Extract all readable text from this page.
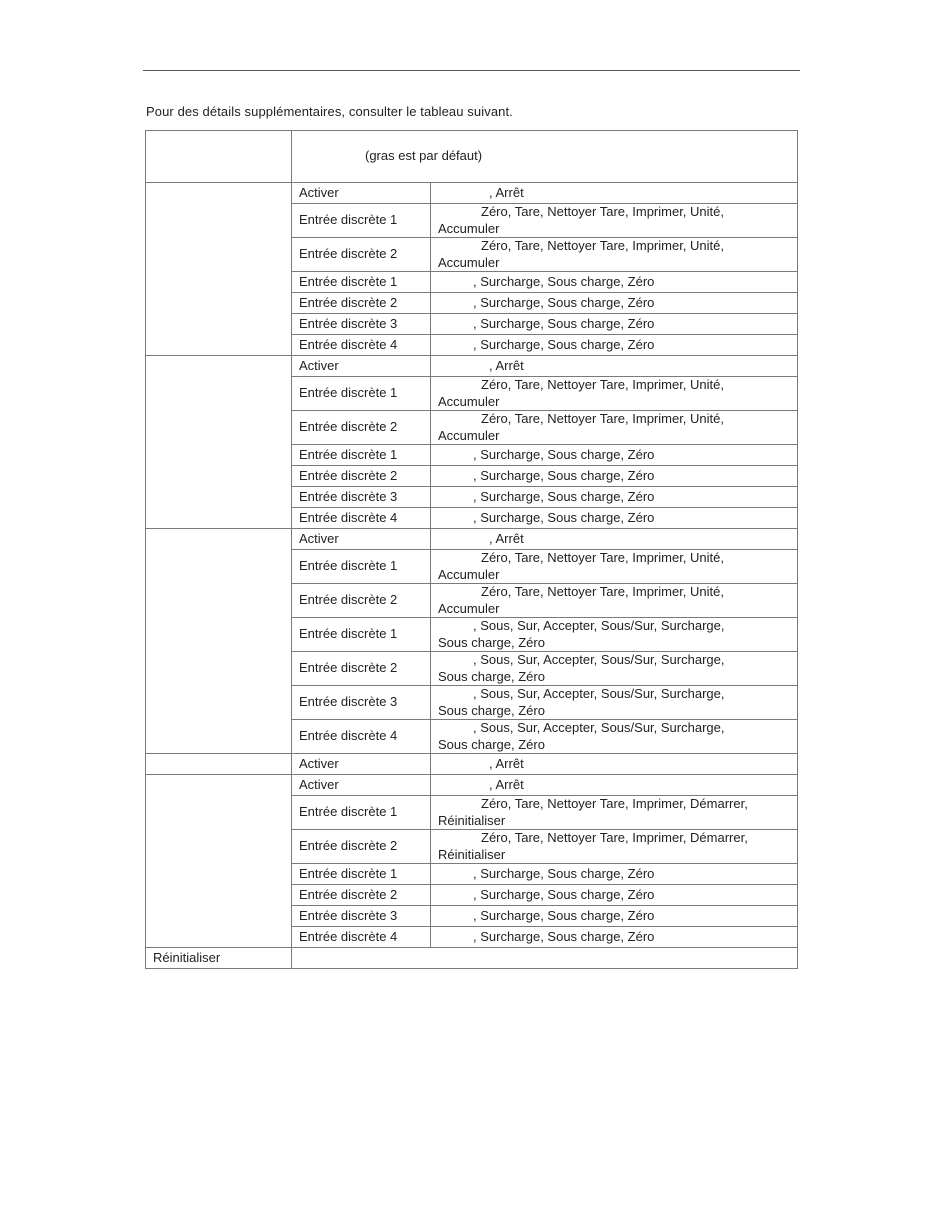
Pour des détails supplémentaires, consulter le tableau suivant.
	(gras est par défaut)	
	Activer	, Arrêt
	Entrée discrète 1	Zéro, Tare, Nettoyer Tare, Imprimer, Unité,
Accumuler
	Entrée discrète 2	Zéro, Tare, Nettoyer Tare, Imprimer, Unité,
Accumuler
	Entrée discrète 1	, Surcharge, Sous charge, Zéro
	Entrée discrète 2	, Surcharge, Sous charge, Zéro
	Entrée discrète 3	, Surcharge, Sous charge, Zéro
	Entrée discrète 4	, Surcharge, Sous charge, Zéro
	Activer	, Arrêt
	Entrée discrète 1	Zéro, Tare, Nettoyer Tare, Imprimer, Unité,
Accumuler
	Entrée discrète 2	Zéro, Tare, Nettoyer Tare, Imprimer, Unité,
Accumuler
	Entrée discrète 1	, Surcharge, Sous charge, Zéro
	Entrée discrète 2	, Surcharge, Sous charge, Zéro
	Entrée discrète 3	, Surcharge, Sous charge, Zéro
	Entrée discrète 4	, Surcharge, Sous charge, Zéro
	Activer	, Arrêt
	Entrée discrète 1	Zéro, Tare, Nettoyer Tare, Imprimer, Unité,
Accumuler
	Entrée discrète 2	Zéro, Tare, Nettoyer Tare, Imprimer, Unité,
Accumuler
	Entrée discrète 1	, Sous, Sur, Accepter, Sous/Sur, Surcharge,
Sous charge, Zéro
	Entrée discrète 2	, Sous, Sur, Accepter, Sous/Sur, Surcharge,
Sous charge, Zéro
	Entrée discrète 3	, Sous, Sur, Accepter, Sous/Sur, Surcharge,
Sous charge, Zéro
	Entrée discrète 4	, Sous, Sur, Accepter, Sous/Sur, Surcharge,
Sous charge, Zéro
	Activer	, Arrêt
	Activer	, Arrêt
	Entrée discrète 1	Zéro, Tare, Nettoyer Tare, Imprimer, Démarrer,
Réinitialiser
	Entrée discrète 2	Zéro, Tare, Nettoyer Tare, Imprimer, Démarrer,
Réinitialiser
	Entrée discrète 1	, Surcharge, Sous charge, Zéro
	Entrée discrète 2	, Surcharge, Sous charge, Zéro
	Entrée discrète 3	, Surcharge, Sous charge, Zéro
	Entrée discrète 4	, Surcharge, Sous charge, Zéro
Réinitialiser		
